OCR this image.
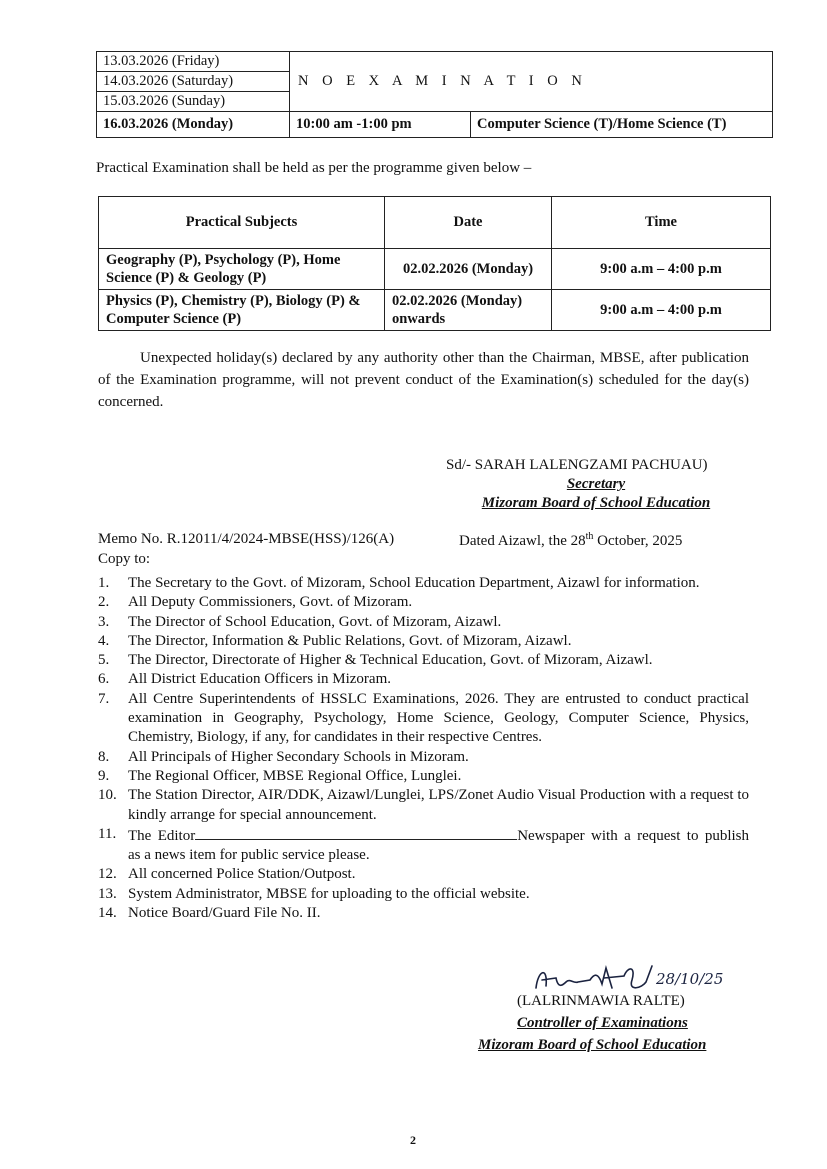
13.03.2026 (Friday)	N O E X A M I N A T I O N	
14.03.2026 (Saturday)		
15.03.2026 (Sunday)		
16.03.2026 (Monday)	10:00 am -1:00 pm	Computer Science (T)/Home Science (T)
Practical Examination shall be held as per the programme given below –
Practical Subjects	Date	Time
Geography (P), Psychology (P), Home Science (P) & Geology (P)	02.02.2026 (Monday)	9:00 a.m – 4:00 p.m
Physics (P), Chemistry (P), Biology (P) & Computer Science (P)	02.02.2026 (Monday) onwards	9:00 a.m – 4:00 p.m
Unexpected holiday(s) declared by any authority other than the Chairman, MBSE, after publication of the Examination programme, will not prevent conduct of the Examination(s) scheduled for the day(s) concerned.
Sd/- SARAH LALENGZAMI PACHUAU)
Secretary
Mizoram Board of School Education
Memo No. R.12011/4/2024-MBSE(HSS)/126(A)	Dated Aizawl, the 28th October, 2025
Copy to:
1.	The Secretary to the Govt. of Mizoram, School Education Department, Aizawl for information.
2.	All Deputy Commissioners, Govt. of Mizoram.
3.	The Director of School Education, Govt. of Mizoram, Aizawl.
4.	The Director, Information & Public Relations, Govt. of Mizoram, Aizawl.
5.	The Director, Directorate of Higher & Technical Education, Govt. of Mizoram, Aizawl.
6.	All District Education Officers in Mizoram.
7.	All Centre Superintendents of HSSLC Examinations, 2026. They are entrusted to conduct practical examination in Geography, Psychology, Home Science, Geology, Computer Science, Physics, Chemistry, Biology, if any, for candidates in their respective Centres.
8.	All Principals of Higher Secondary Schools in Mizoram.
9.	The Regional Officer, MBSE Regional Office, Lunglei.
10. The Station Director, AIR/DDK, Aizawl/Lunglei, LPS/Zonet Audio Visual Production with a request to kindly arrange for special announcement.
11. The Editor	Newspaper with a request to publish as a news item for public service please.
12. All concerned Police Station/Outpost.
13. System Administrator, MBSE for uploading to the official website.
14. Notice Board/Guard File No. II.
28/10/25
(LALRINMAWIA RALTE)
Controller of Examinations
Mizoram Board of School Education
2
